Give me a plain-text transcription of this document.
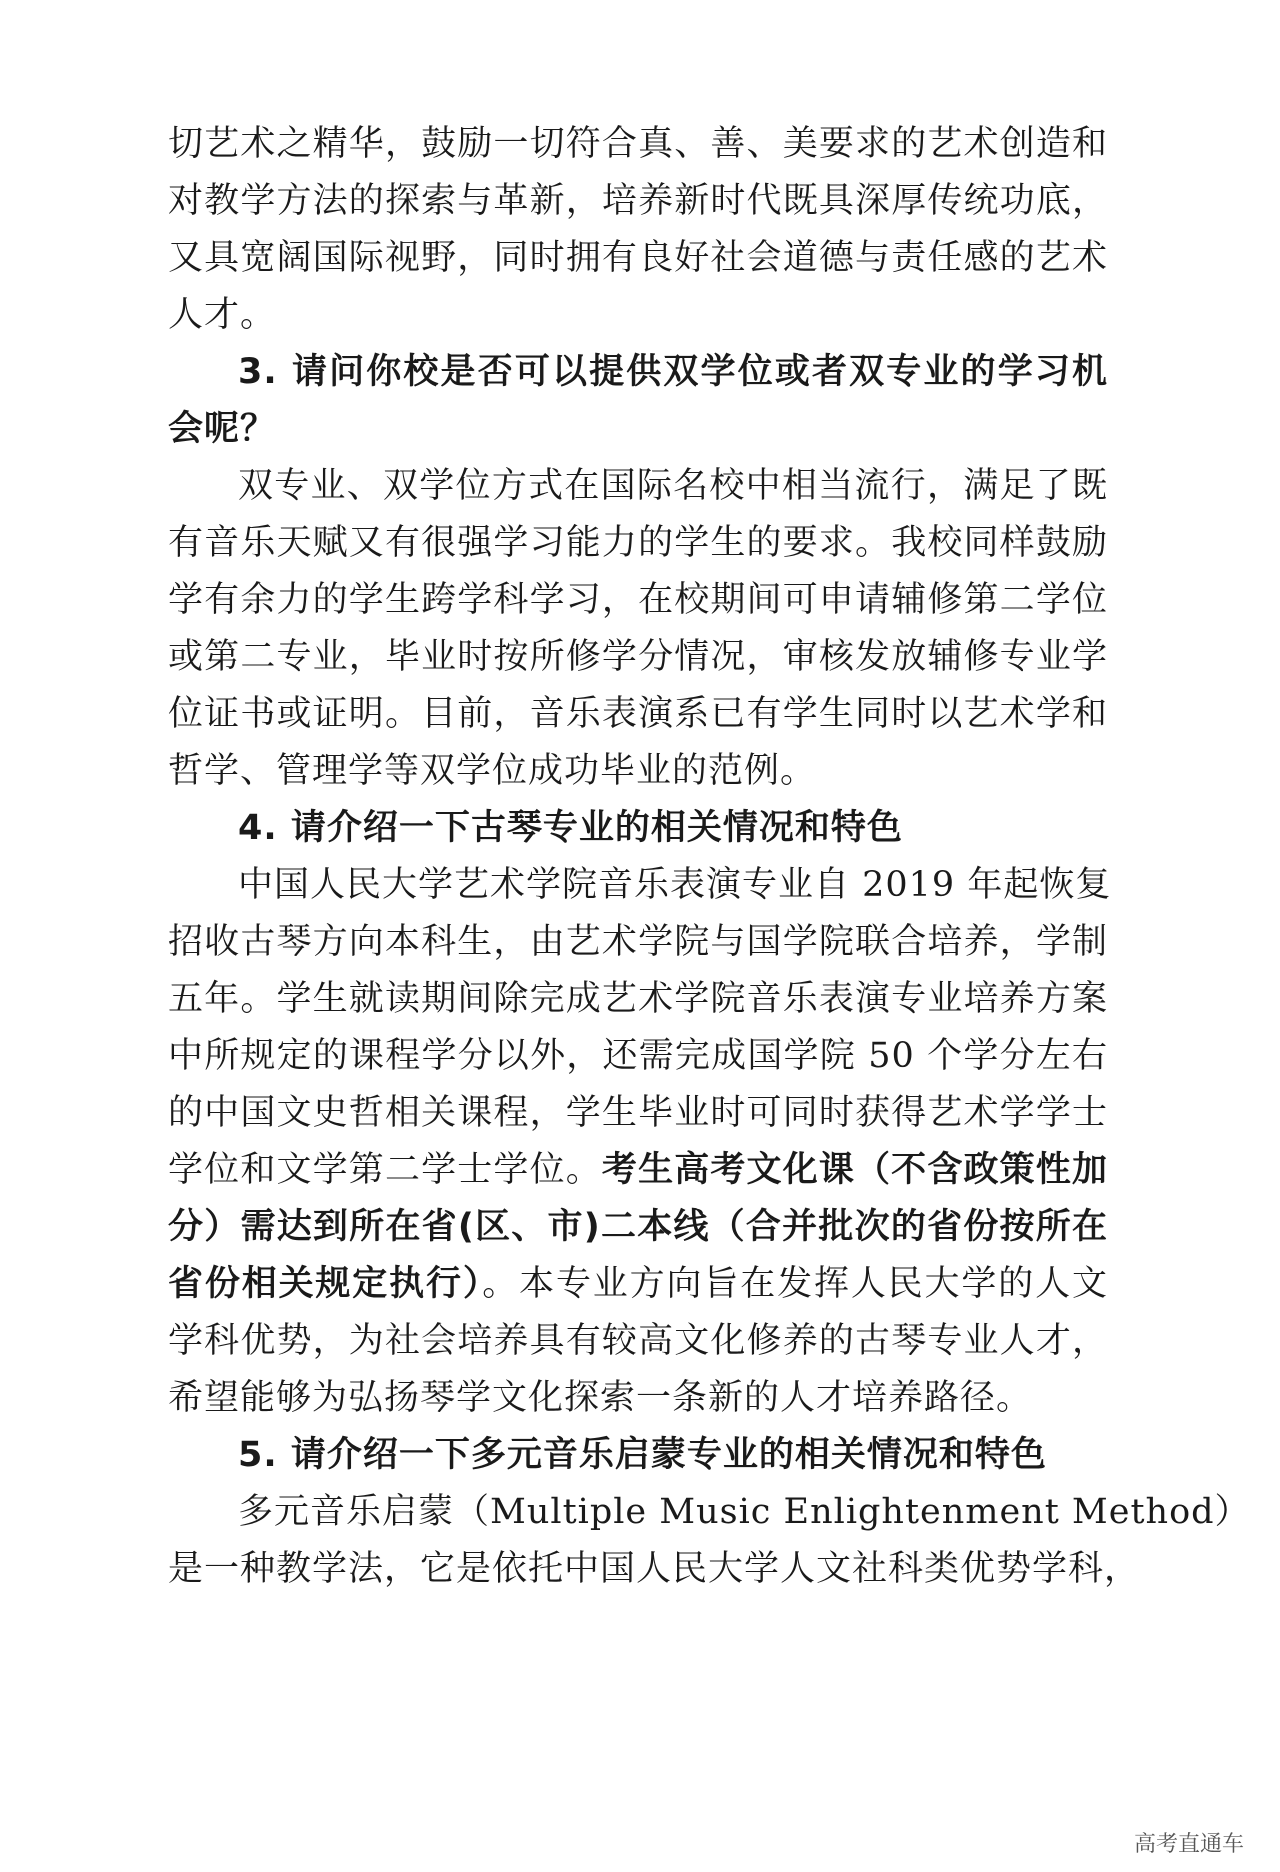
切艺术之精华，鼓励一切符合真、善、美要求的艺术创造和
对教学方法的探索与革新，培养新时代既具深厚传统功底，
又具宽阔国际视野，同时拥有良好社会道德与责任感的艺术
人才。
3. 请问你校是否可以提供双学位或者双专业的学习机
会呢？
双专业、双学位方式在国际名校中相当流行，满足了既
有音乐天赋又有很强学习能力的学生的要求。我校同样鼓励
学有余力的学生跨学科学习，在校期间可申请辅修第二学位
或第二专业，毕业时按所修学分情况，审核发放辅修专业学
位证书或证明。目前，音乐表演系已有学生同时以艺术学和
哲学、管理学等双学位成功毕业的范例。
4. 请介绍一下古琴专业的相关情况和特色
中国人民大学艺术学院音乐表演专业自 2019 年起恢复
招收古琴方向本科生，由艺术学院与国学院联合培养，学制
五年。学生就读期间除完成艺术学院音乐表演专业培养方案
中所规定的课程学分以外，还需完成国学院 50 个学分左右
的中国文史哲相关课程，学生毕业时可同时获得艺术学学士
学位和文学第二学士学位。考生高考文化课（不含政策性加
分）需达到所在省(区、市)二本线（合并批次的省份按所在
省份相关规定执行）。本专业方向旨在发挥人民大学的人文
学科优势，为社会培养具有较高文化修养的古琴专业人才，
希望能够为弘扬琴学文化探索一条新的人才培养路径。
5. 请介绍一下多元音乐启蒙专业的相关情况和特色
多元音乐启蒙（Multiple Music Enlightenment Method）
是一种教学法，它是依托中国人民大学人文社科类优势学科，
高考直通车
